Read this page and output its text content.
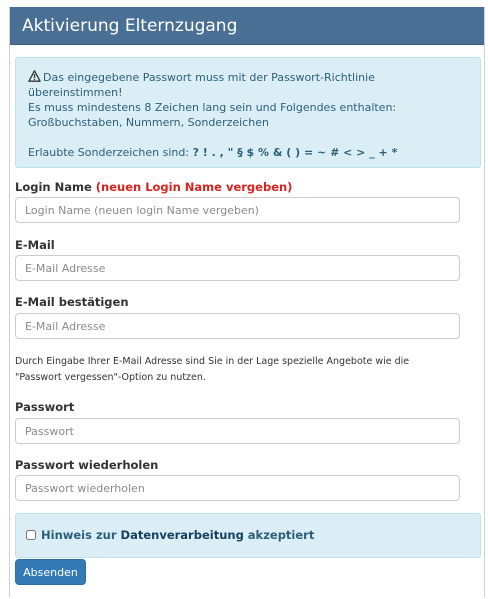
Aktivierung Elternzugang
Das eingegebene Passwort muss mit der Passwort-Richtlinie übereinstimmen!
Es muss mindestens 8 Zeichen lang sein und Folgendes enthalten:
Großbuchstaben, Nummern, Sonderzeichen
Erlaubte Sonderzeichen sind: ? ! . , " § $ % & ( ) = ~ # < > _ + *
Login Name (neuen Login Name vergeben)
Login Name (neuen login Name vergeben)
E-Mail
E-Mail Adresse
E-Mail bestätigen
E-Mail Adresse
Durch Eingabe Ihrer E-Mail Adresse sind Sie in der Lage spezielle Angebote wie die "Passwort vergessen"-Option zu nutzen.
Passwort
Passwort wiederholen
Hinweis zur Datenverarbeitung akzeptiert
Absenden
